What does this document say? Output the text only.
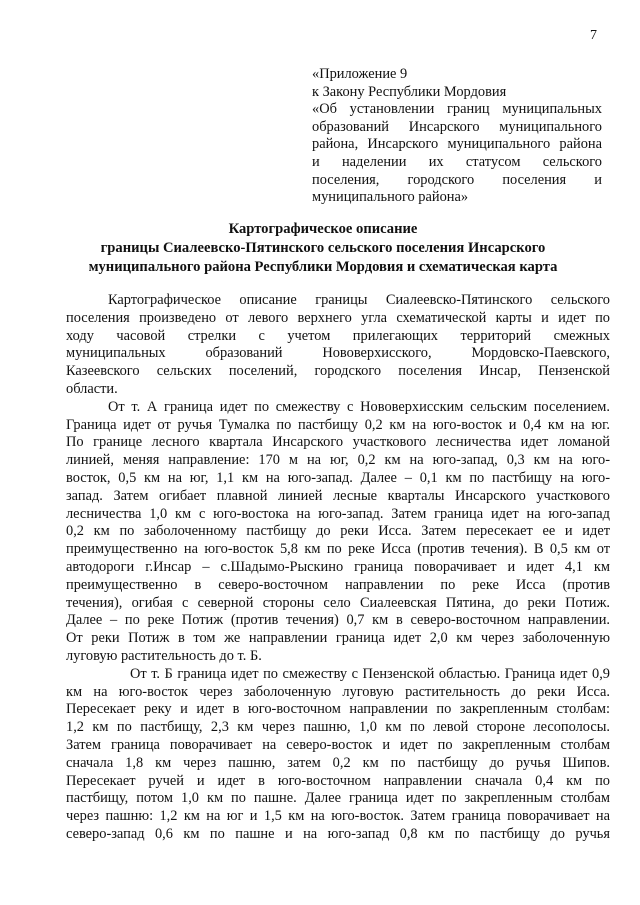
7

«Приложение 9

к Закону Республики Мордовия

«Об установлении границ муниципальных

образований Инсарского муниципального

района, Инсарского муниципального района

и наделении их статусом сельского

поселения, городского поселения и

муниципального района»

Картографическое описание

границы Сиалеевско-Пятинского сельского поселения Инсарского

муниципального района Республики Мордовия и схематическая карта

Картографическое описание границы Сиалеевско-Пятинского сельского
поселения произведено от левого верхнего угла схематической карты и идет по
ходу часовой стрелки с учетом прилегающих территорий смежных
муниципальных образований Нововерхисского, Мордовско-Паевского,
Казеевского сельских поселений, городского поселения Инсар, Пензенской
области.
От т. А граница идет по смежеству с Нововерхисским сельским поселением.
Граница идет от ручья Тумалка по пастбищу 0,2 км на юго-восток и 0,4 км на юг.
По границе лесного квартала Инсарского участкового лесничества идет ломаной
линией, меняя направление: 170 м на юг, 0,2 км на юго-запад, 0,3 км на юго-
восток, 0,5 км на юг, 1,1 км на юго-запад. Далее – 0,1 км по пастбищу на юго-
запад. Затем огибает плавной линией лесные кварталы Инсарского участкового
лесничества 1,0 км с юго-востока на юго-запад. Затем граница идет на юго-запад
0,2 км по заболоченному пастбищу до реки Исса. Затем пересекает ее и идет
преимущественно на юго-восток 5,8 км по реке Исса (против течения). В 0,5 км от
автодороги г.Инсар – с.Шадымо-Рыскино граница поворачивает и идет 4,1 км
преимущественно в северо-восточном направлении по реке Исса (против
течения), огибая с северной стороны село Сиалеевская Пятина, до реки Потиж.
Далее – по реке Потиж (против течения) 0,7 км в северо-восточном направлении.
От реки Потиж в том же направлении граница идет 2,0 км через заболоченную
луговую растительность до т. Б.
От т. Б граница идет по смежеству с Пензенской областью. Граница идет 0,9
км на юго-восток через заболоченную луговую растительность до реки Исса.
Пересекает реку и идет в юго-восточном направлении по закрепленным столбам:
1,2 км по пастбищу, 2,3 км через пашню, 1,0 км по левой стороне лесополосы.
Затем граница поворачивает на северо-восток и идет по закрепленным столбам
сначала 1,8 км через пашню, затем 0,2 км по пастбищу до ручья Шипов.
Пересекает ручей и идет в юго-восточном направлении сначала 0,4 км по
пастбищу, потом 1,0 км по пашне. Далее граница идет по закрепленным столбам
через пашню: 1,2 км на юг и 1,5 км на юго-восток. Затем граница поворачивает на
северо-запад 0,6 км по пашне и на юго-запад 0,8 км по пастбищу до ручья
